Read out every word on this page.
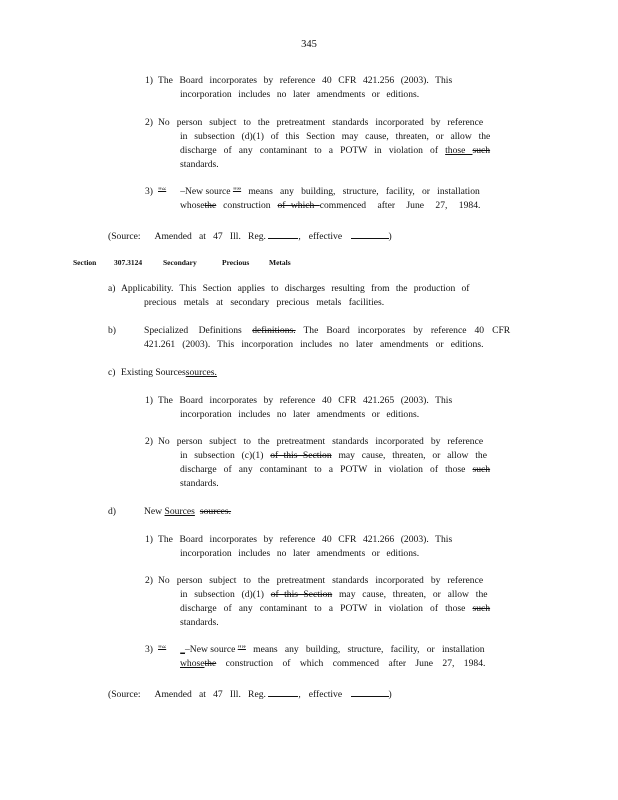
345
1) The Board incorporates by reference 40 CFR 421.256 (2003). This
incorporation includes no later amendments or editions.
2) No person subject to the pretreatment standards incorporated by reference
in subsection (d)(1) of this Section may cause, threaten, or allow the
discharge of any contaminant to a POTW in violation of those such
standards.
3) "“ –New source "” means any building, structure, facility, or installation
whosethe construction of which commenced after June 27, 1984.
(Source: Amended at 47 Ill. Reg.	, effective	)
Section 307.3124	Secondary	Precious	Metals
a) Applicability. This Section applies to discharges resulting from the production of
precious metals at secondary precious metals facilities.
b)	Specialized Definitions definitions. The Board incorporates by reference 40 CFR
421.261 (2003). This incorporation includes no later amendments or editions.
c) Existing Sourcessources.
1) The Board incorporates by reference 40 CFR 421.265 (2003). This
incorporation includes no later amendments or editions.
2) No person subject to the pretreatment standards incorporated by reference
in subsection (c)(1) of this Section may cause, threaten, or allow the
discharge of any contaminant to a POTW in violation of those such
standards.
d)	New Sources sources.
1) The Board incorporates by reference 40 CFR 421.266 (2003). This
incorporation includes no later amendments or editions.
2) No person subject to the pretreatment standards incorporated by reference
in subsection (d)(1) of this Section may cause, threaten, or allow the
discharge of any contaminant to a POTW in violation of those such
standards.
3) "“ _–New source "” means any building, structure, facility, or installation
whosethe construction of which commenced after June 27, 1984.
(Source: Amended at 47 Ill. Reg.	, effective	)
